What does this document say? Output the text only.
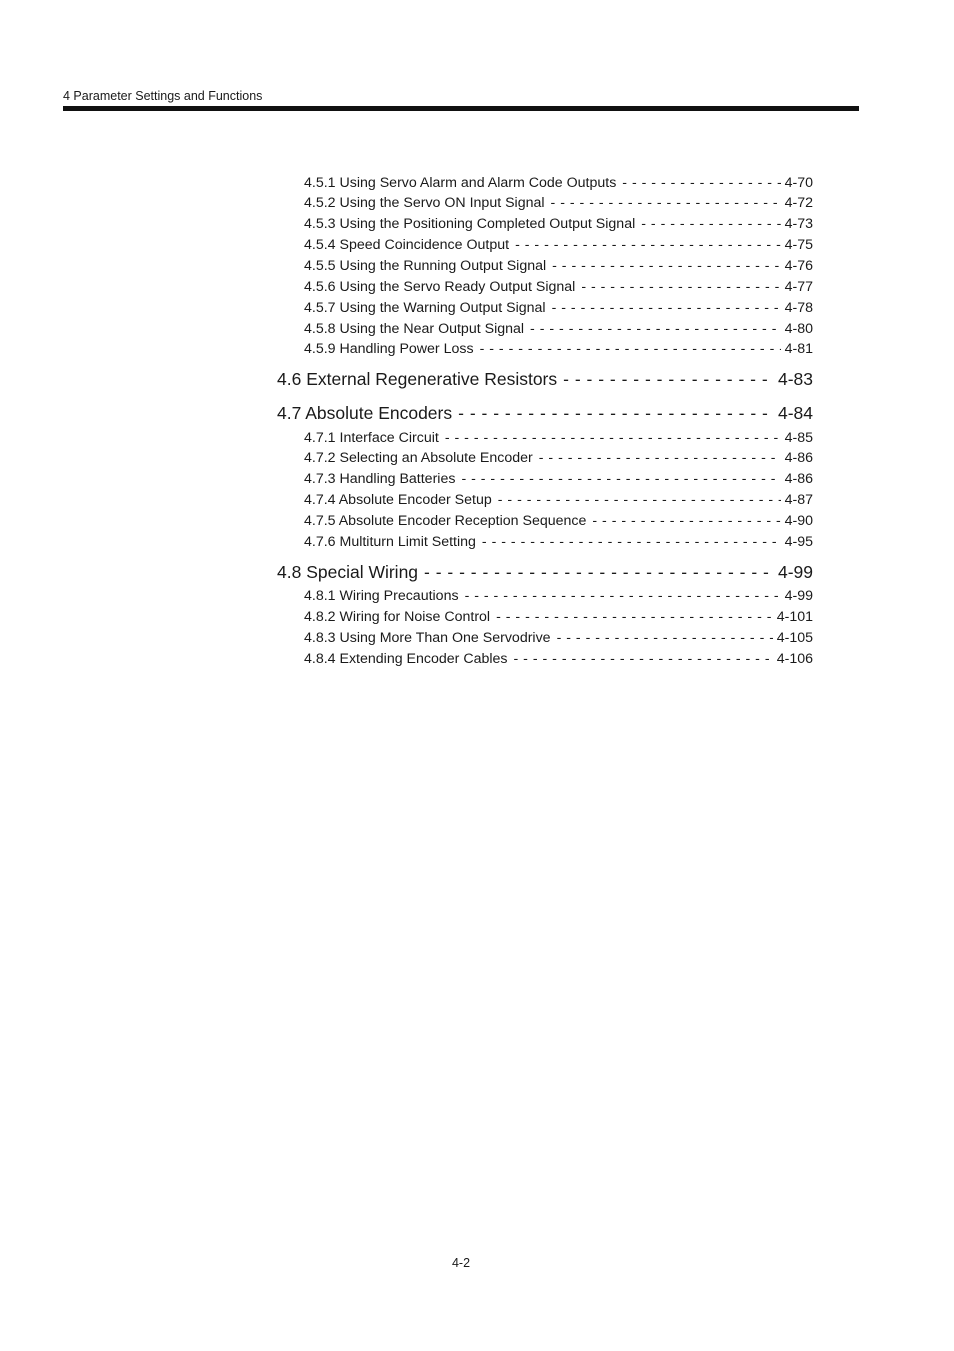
4 Parameter Settings and Functions
4.5.1 Using Servo Alarm and Alarm Code Outputs - - -	4-70
4.5.2 Using the Servo ON Input Signal - - -	4-72
4.5.3 Using the Positioning Completed Output Signal - - -	4-73
4.5.4 Speed Coincidence Output - - -	4-75
4.5.5 Using the Running Output Signal - - -	4-76
4.5.6 Using the Servo Ready Output Signal - - -	4-77
4.5.7 Using the Warning Output Signal - - -	4-78
4.5.8 Using the Near Output Signal - - -	4-80
4.5.9 Handling Power Loss - - -	4-81
4.6 External Regenerative Resistors - - -	4-83
4.7 Absolute Encoders - - -	4-84
4.7.1 Interface Circuit - - -	4-85
4.7.2 Selecting an Absolute Encoder - - -	4-86
4.7.3 Handling Batteries - - -	4-86
4.7.4 Absolute Encoder Setup - - -	4-87
4.7.5 Absolute Encoder Reception Sequence - - -	4-90
4.7.6 Multiturn Limit Setting - - -	4-95
4.8 Special Wiring - - -	4-99
4.8.1 Wiring Precautions - - -	4-99
4.8.2 Wiring for Noise Control - - -	4-101
4.8.3 Using More Than One Servodrive - - -	4-105
4.8.4 Extending Encoder Cables - - -	4-106
4-2
